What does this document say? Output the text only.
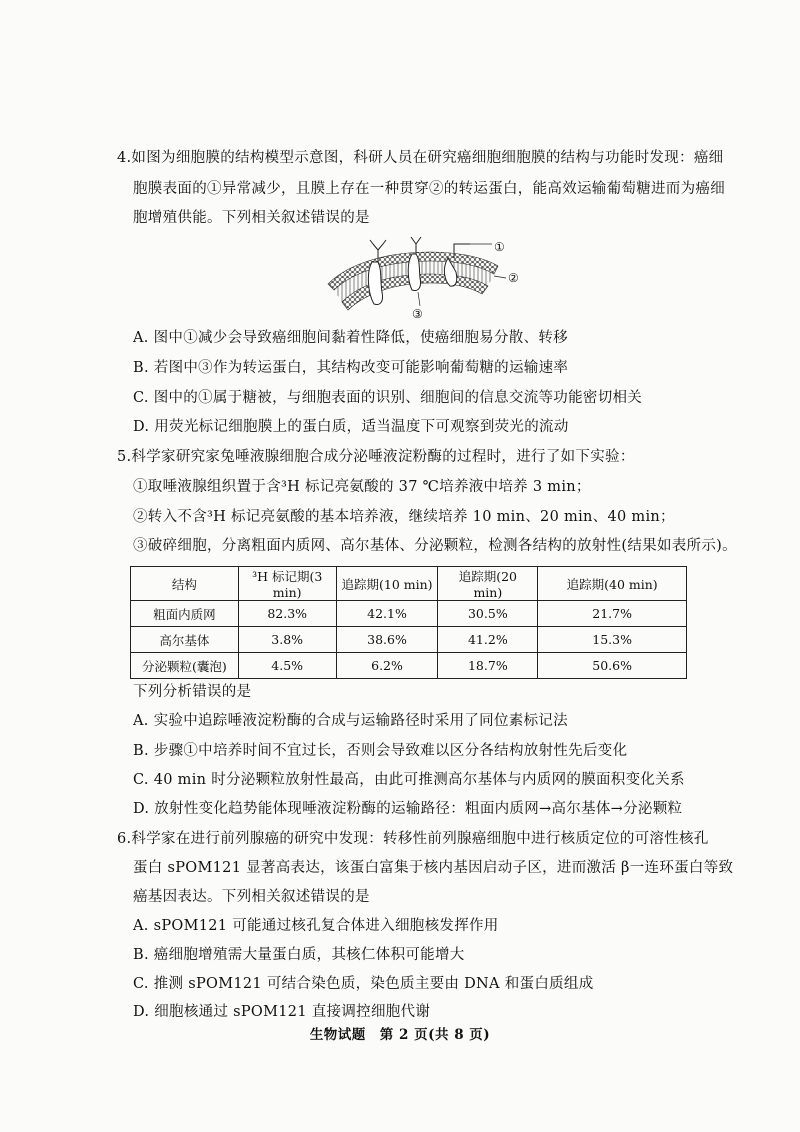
4.如图为细胞膜的结构模型示意图，科研人员在研究癌细胞细胞膜的结构与功能时发现：癌细
胞膜表面的①异常减少，且膜上存在一种贯穿②的转运蛋白，能高效运输葡萄糖进而为癌细
胞增殖供能。下列相关叙述错误的是
①
②
③
A. 图中①减少会导致癌细胞间黏着性降低，使癌细胞易分散、转移
B. 若图中③作为转运蛋白，其结构改变可能影响葡萄糖的运输速率
C. 图中的①属于糖被，与细胞表面的识别、细胞间的信息交流等功能密切相关
D. 用荧光标记细胞膜上的蛋白质，适当温度下可观察到荧光的流动
5.科学家研究家兔唾液腺细胞合成分泌唾液淀粉酶的过程时，进行了如下实验：
①取唾液腺组织置于含³H 标记亮氨酸的 37 ℃培养液中培养 3 min；
②转入不含³H 标记亮氨酸的基本培养液，继续培养 10 min、20 min、40 min；
③破碎细胞，分离粗面内质网、高尔基体、分泌颗粒，检测各结构的放射性(结果如表所示)。
结构	³H 标记期(3 min)	追踪期(10 min)	追踪期(20 min)	追踪期(40 min)
粗面内质网	82.3%	42.1%	30.5%	21.7%
高尔基体	3.8%	38.6%	41.2%	15.3%
分泌颗粒(囊泡)	4.5%	6.2%	18.7%	50.6%
下列分析错误的是
A. 实验中追踪唾液淀粉酶的合成与运输路径时采用了同位素标记法
B. 步骤①中培养时间不宜过长，否则会导致难以区分各结构放射性先后变化
C. 40 min 时分泌颗粒放射性最高，由此可推测高尔基体与内质网的膜面积变化关系
D. 放射性变化趋势能体现唾液淀粉酶的运输路径：粗面内质网→高尔基体→分泌颗粒
6.科学家在进行前列腺癌的研究中发现：转移性前列腺癌细胞中进行核质定位的可溶性核孔
蛋白 sPOM121 显著高表达，该蛋白富集于核内基因启动子区，进而激活 β一连环蛋白等致
癌基因表达。下列相关叙述错误的是
A. sPOM121 可能通过核孔复合体进入细胞核发挥作用
B. 癌细胞增殖需大量蛋白质，其核仁体积可能增大
C. 推测 sPOM121 可结合染色质，染色质主要由 DNA 和蛋白质组成
D. 细胞核通过 sPOM121 直接调控细胞代谢
生物试题　第 2 页(共 8 页)
